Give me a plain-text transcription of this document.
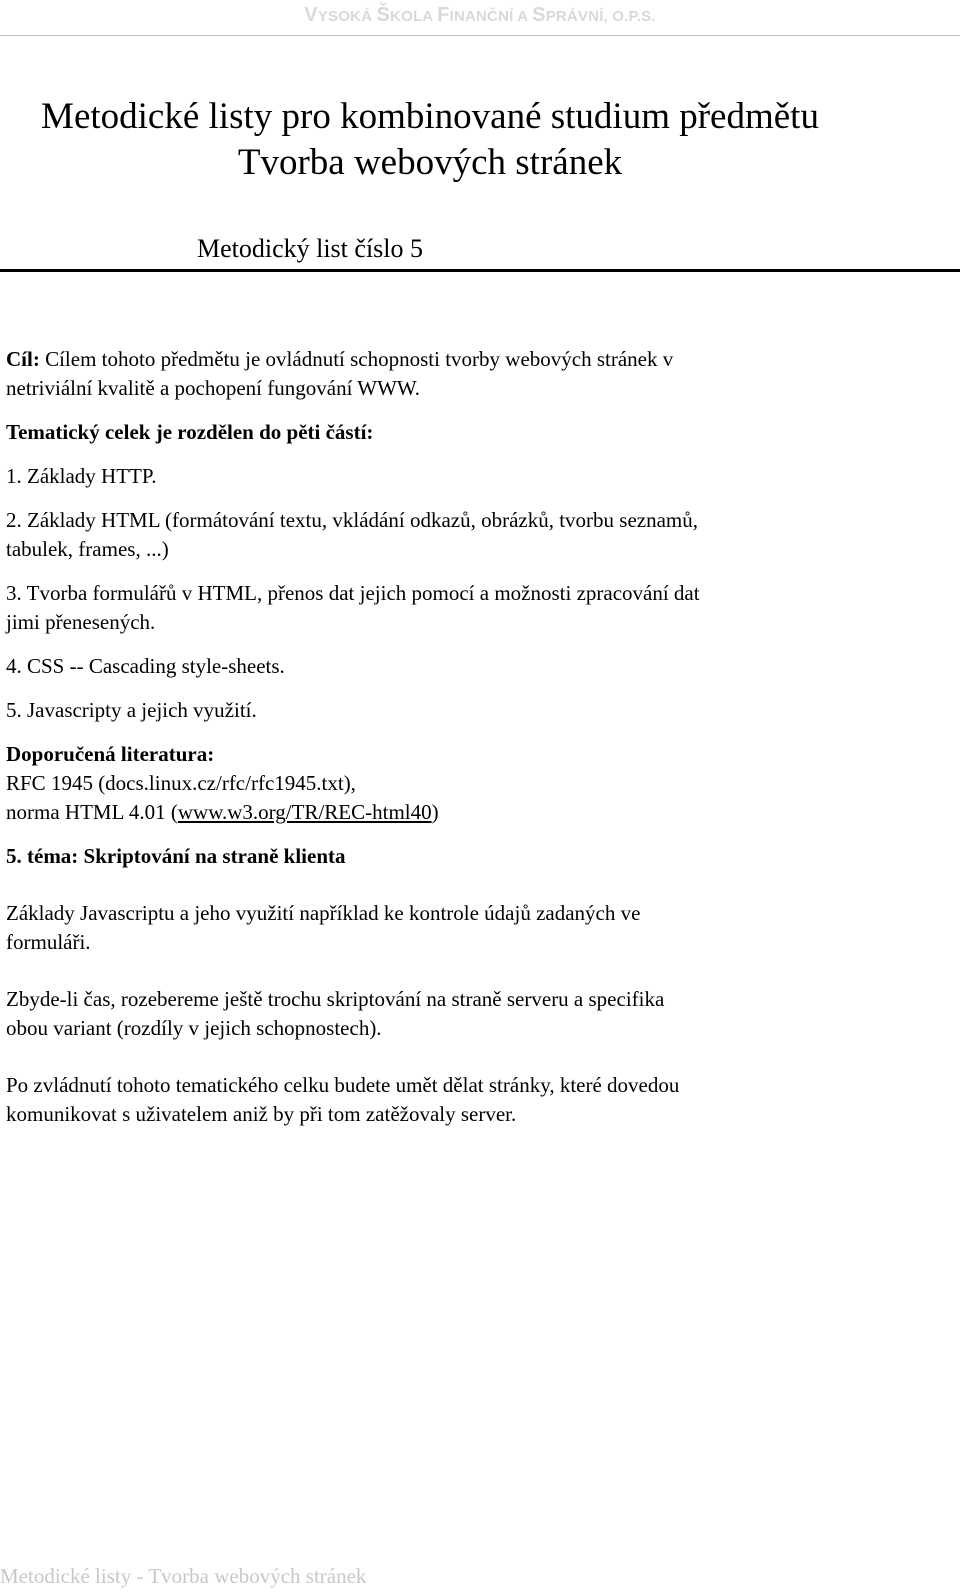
VYSOKÁ ŠKOLA FINANČNÍ A SPRÁVNÍ, O.P.S.
Metodické listy pro kombinované studium předmětu
Tvorba webových stránek
Metodický list číslo 5

Cíl: Cílem tohoto předmětu je ovládnutí schopnosti tvorby webových stránek v netriviální kvalitě a pochopení fungování WWW.

Tematický celek je rozdělen do pěti částí:

1. Základy HTTP.

2. Základy HTML (formátování textu, vkládání odkazů, obrázků, tvorbu seznamů, tabulek, frames, ...)

3. Tvorba formulářů v HTML, přenos dat jejich pomocí a možnosti zpracování dat jimi přenesených.

4. CSS -- Cascading style-sheets.

5. Javascripty a jejich využití.

Doporučená literatura:

RFC 1945 (docs.linux.cz/rfc/rfc1945.txt),

norma HTML 4.01 (www.w3.org/TR/REC-html40)

5. téma: Skriptování na straně klienta

Základy Javascriptu a jeho využití například ke kontrole údajů zadaných ve formuláři.

Zbyde-li čas, rozebereme ještě trochu skriptování na straně serveru a specifika obou variant (rozdíly v jejich schopnostech).

Po zvládnutí tohoto tematického celku budete umět dělat stránky, které dovedou komunikovat s uživatelem aniž by při tom zatěžovaly server.

Metodické listy - Tvorba webových stránek
